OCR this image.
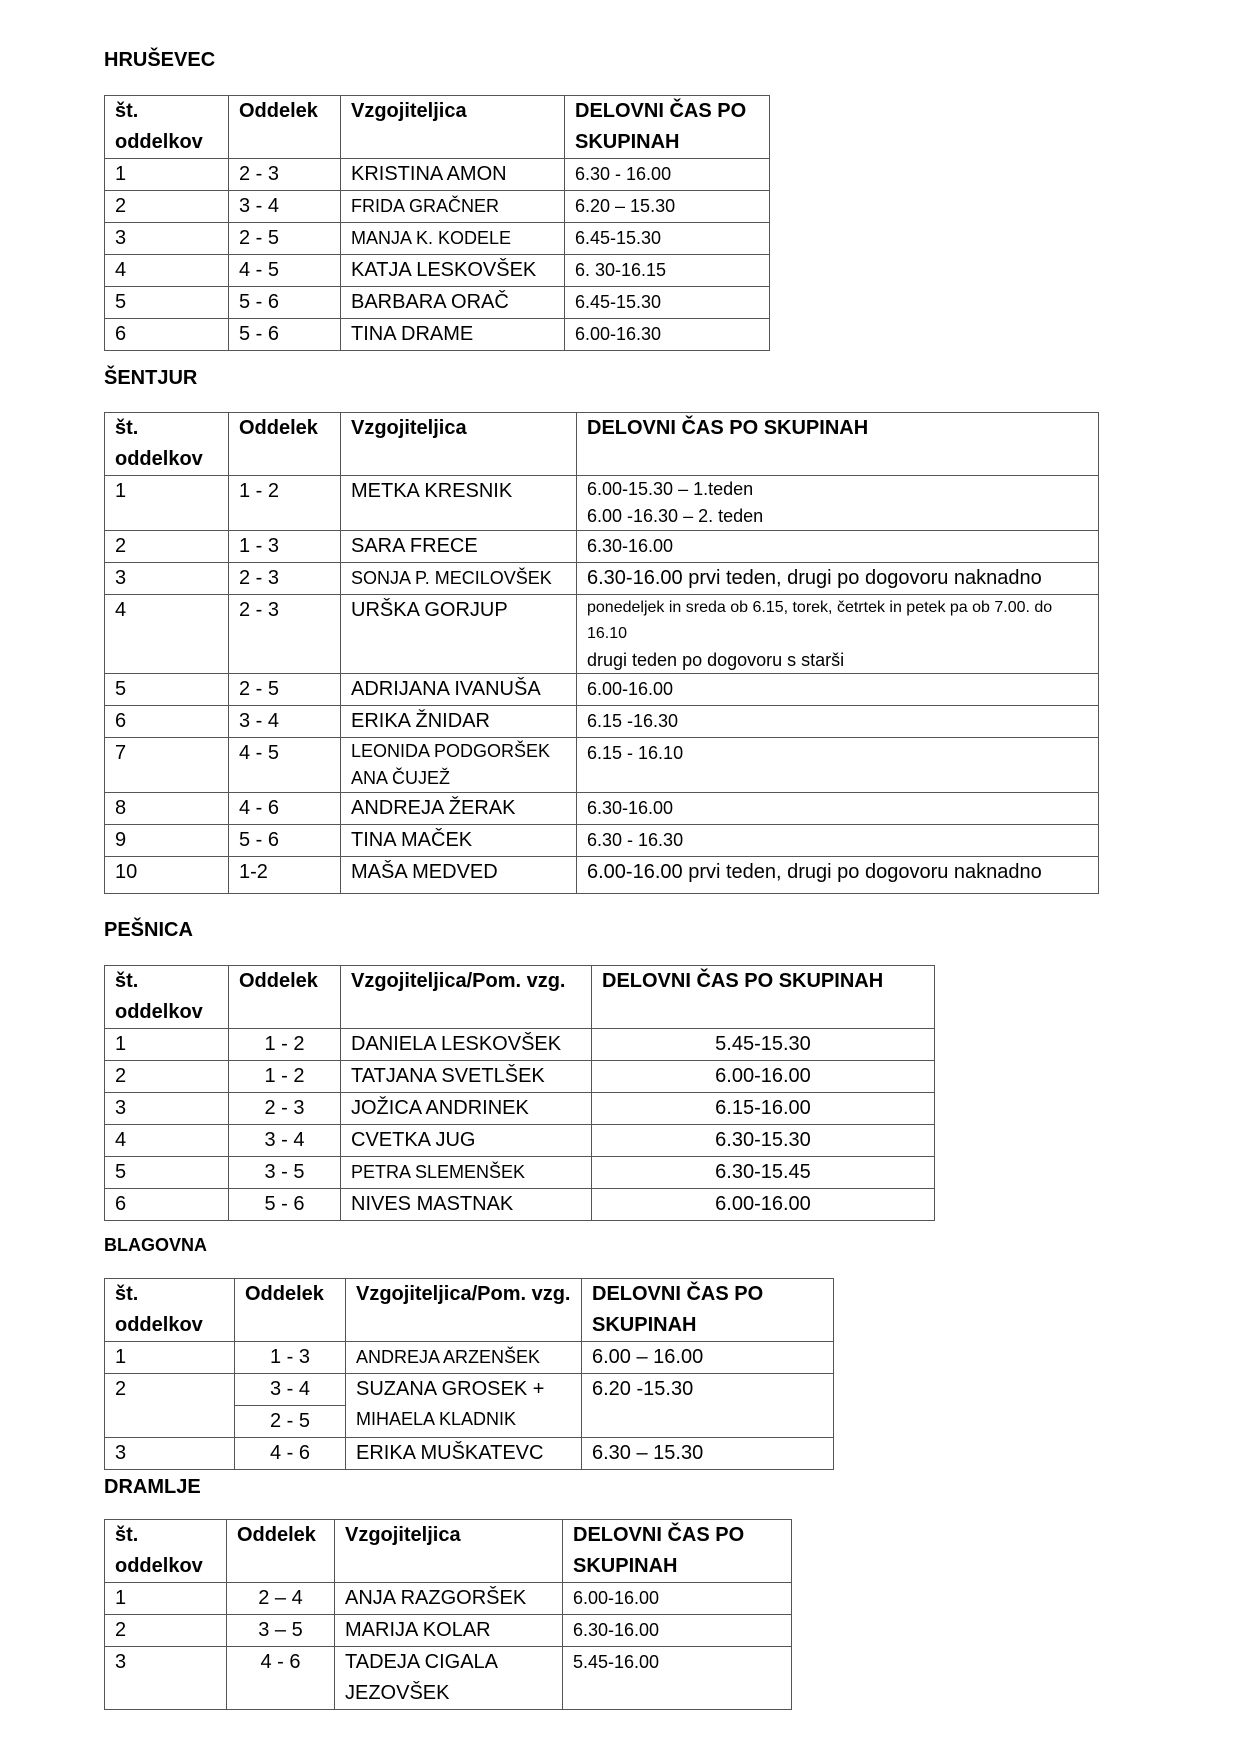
HRUŠEVEC
št. oddelkov	Oddelek	Vzgojiteljica	DELOVNI ČAS PO SKUPINAH
1	2 - 3	KRISTINA AMON	6.30 - 16.00
2	3 - 4	FRIDA GRAČNER	6.20 – 15.30
3	2 - 5	MANJA K. KODELE	6.45-15.30
4	4 - 5	KATJA LESKOVŠEK	6. 30-16.15
5	5 - 6	BARBARA ORAČ	6.45-15.30
6	5 - 6	TINA DRAME	6.00-16.30
ŠENTJUR
št. oddelkov	Oddelek	Vzgojiteljica	DELOVNI ČAS PO SKUPINAH
1	1 - 2	METKA KRESNIK	6.00-15.30 – 1.teden
6.00 -16.30 – 2. teden
2	1 - 3	SARA FRECE	6.30-16.00
3	2 - 3	SONJA P. MECILOVŠEK	6.30-16.00 prvi teden, drugi po dogovoru naknadno
4	2 - 3	URŠKA GORJUP	ponedeljek in sreda ob 6.15, torek, četrtek in petek pa ob 7.00. do 16.10
drugi teden po dogovoru s starši

5	2 - 5	ADRIJANA IVANUŠA	6.00-16.00
6	3 - 4	ERIKA ŽNIDAR	6.15 -16.30
7	4 - 5	LEONIDA PODGORŠEK
ANA ČUJEŽ	6.15 - 16.10
8	4 - 6	ANDREJA ŽERAK	6.30-16.00
9	5 - 6	TINA MAČEK	6.30 - 16.30
10	1-2	MAŠA MEDVED	6.00-16.00 prvi teden, drugi po dogovoru naknadno
PEŠNICA
št. oddelkov	Oddelek	Vzgojiteljica/Pom. vzg.	DELOVNI ČAS PO SKUPINAH
1	1 - 2	DANIELA LESKOVŠEK	5.45-15.30
2	1 - 2	TATJANA SVETLŠEK	6.00-16.00
3	2 - 3	JOŽICA ANDRINEK	6.15-16.00
4	3 - 4	CVETKA JUG	6.30-15.30
5	3 - 5	PETRA SLEMENŠEK	6.30-15.45
6	5 - 6	NIVES MASTNAK	6.00-16.00
BLAGOVNA
št. oddelkov	Oddelek	Vzgojiteljica/Pom. vzg.	DELOVNI ČAS PO SKUPINAH
1	1 - 3	ANDREJA ARZENŠEK	6.00 – 16.00
2	3 - 4	SUZANA GROSEK +
MIHAELA KLADNIK	6.20 -15.30
	2 - 5		
3	4 - 6	ERIKA MUŠKATEVC	6.30 – 15.30
DRAMLJE
št. oddelkov	Oddelek	Vzgojiteljica	DELOVNI ČAS PO SKUPINAH
1	2 – 4	ANJA RAZGORŠEK	6.00-16.00
2	3 – 5	MARIJA KOLAR	6.30-16.00
3	4 - 6	TADEJA CIGALA
JEZOVŠEK	5.45-16.00
